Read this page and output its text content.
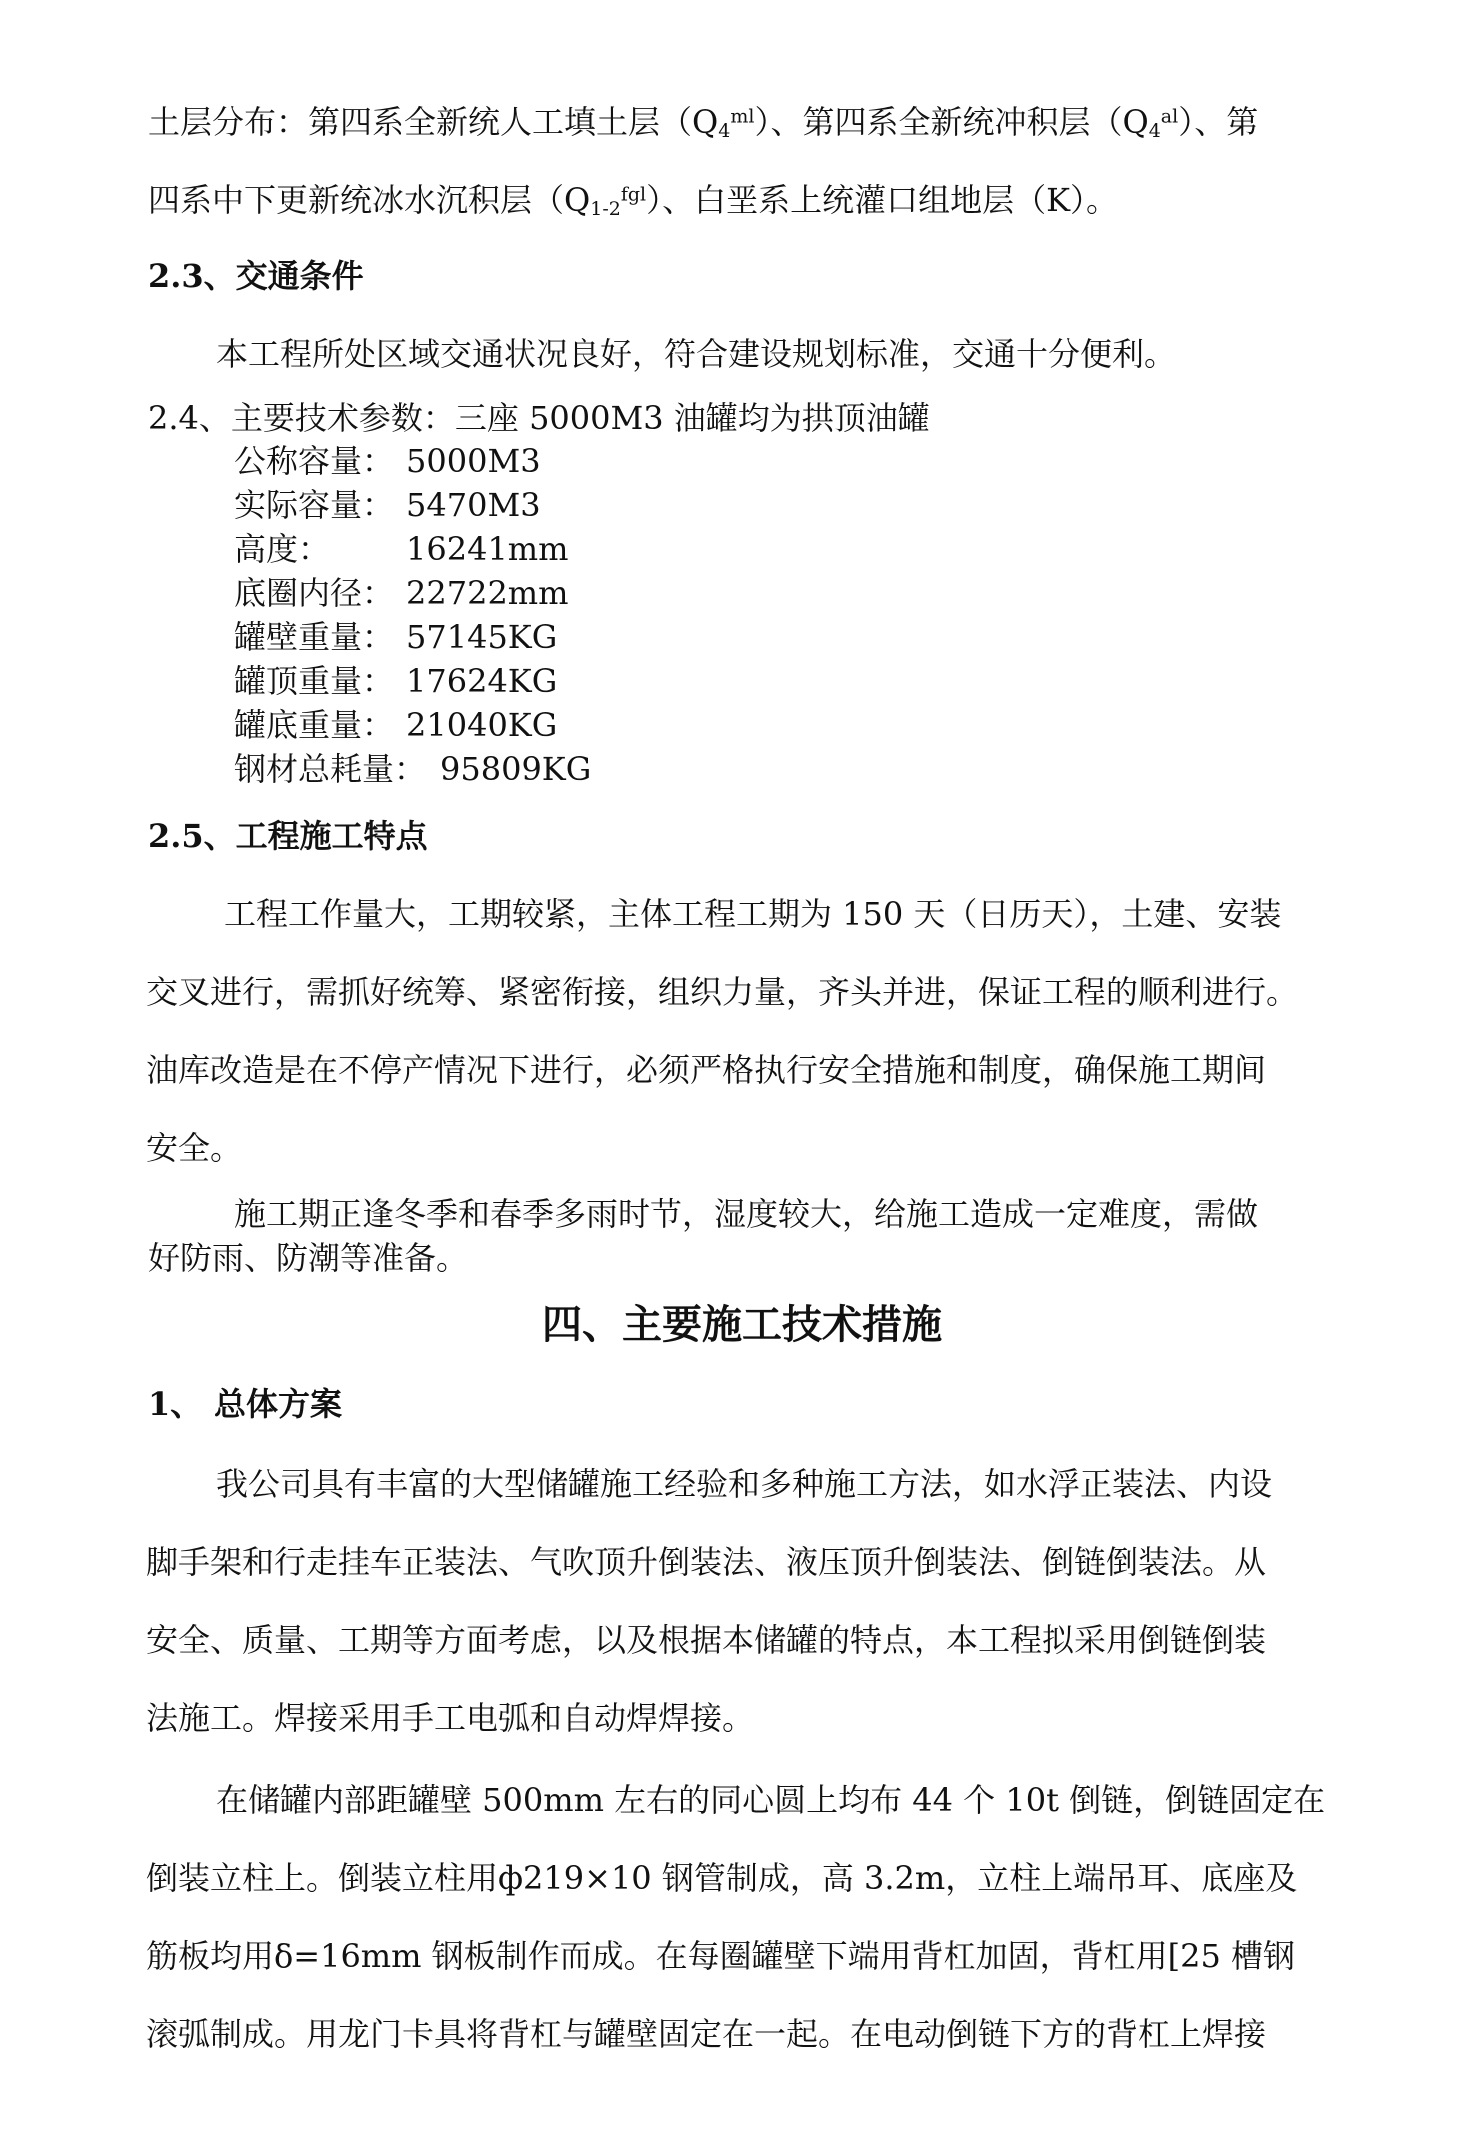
土层分布：第四系全新统人工填土层$(Q_4^{ml})$、第四系全新统冲积层$(Q_4^{al})$、第
四系中下更新统冰水沉积层$(Q_{1-2}^{fgl})$、白垩系上统灌口组地层（K）。
2.3、交通条件
本工程所处区域交通状况良好，符合建设规划标准，交通十分便利。
2.4、主要技术参数：三座 5000M3 油罐均为拱顶油罐
公称容量： 5000M3
实际容量： 5470M3
高度： 16241mm
底圈内径： 22722mm
罐壁重量： 57145KG
罐顶重量： 17624KG
罐底重量： 21040KG
钢材总耗量： 95809KG
2.5、工程施工特点
工程工作量大，工期较紧，主体工程工期为 150 天（日历天），土建、安装
交叉进行，需抓好统筹、紧密衔接，组织力量，齐头并进，保证工程的顺利进行。
油库改造是在不停产情况下进行，必须严格执行安全措施和制度，确保施工期间
安全。
施工期正逢冬季和春季多雨时节，湿度较大，给施工造成一定难度，需做
好防雨、防潮等准备。
四、主要施工技术措施
1、 总体方案
我公司具有丰富的大型储罐施工经验和多种施工方法，如水浮正装法、内设
脚手架和行走挂车正装法、气吹顶升倒装法、液压顶升倒装法、倒链倒装法。从
安全、质量、工期等方面考虑，以及根据本储罐的特点，本工程拟采用倒链倒装
法施工。焊接采用手工电弧和自动焊焊接。
在储罐内部距罐壁 500mm 左右的同心圆上均布 44 个 10t 倒链，倒链固定在
倒装立柱上。倒装立柱用ф219×10 钢管制成，高 3.2m，立柱上端吊耳、底座及
筋板均用δ=16mm 钢板制作而成。在每圈罐壁下端用背杠加固，背杠用[25 槽钢
滚弧制成。用龙门卡具将背杠与罐壁固定在一起。在电动倒链下方的背杠上焊接
